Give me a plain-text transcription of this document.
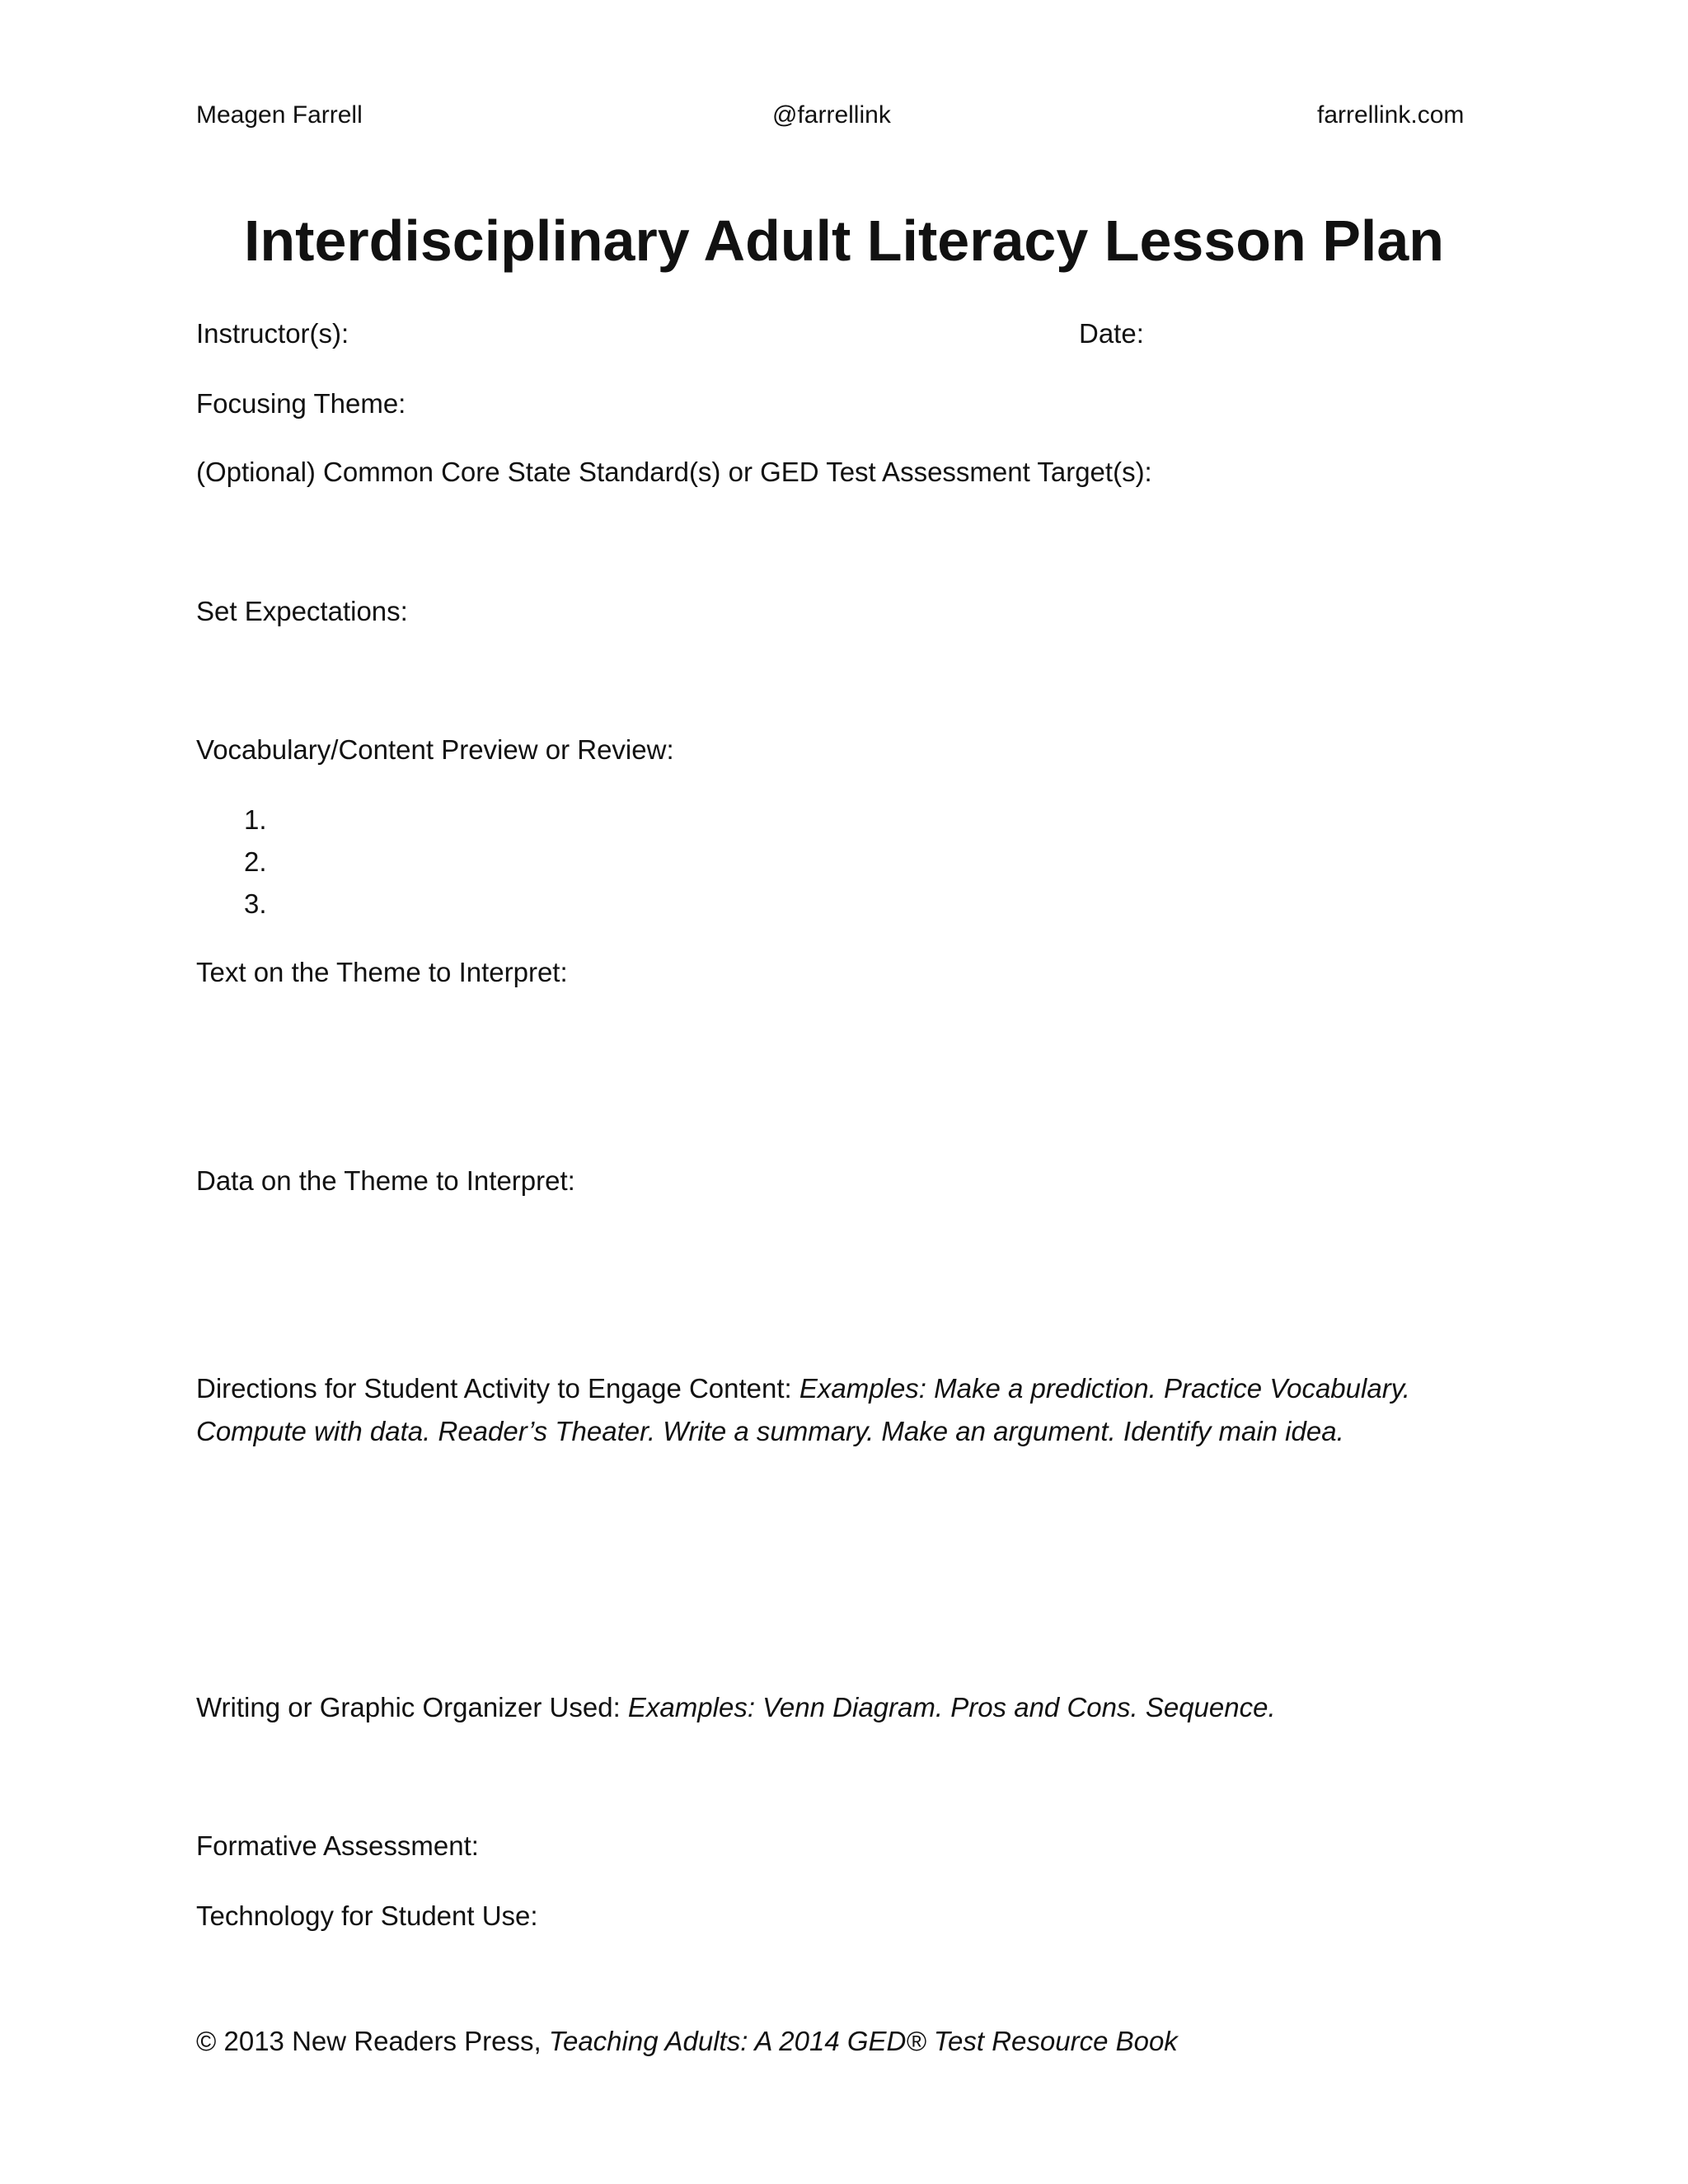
Meagen Farrell	@farrellink	farrellink.com
Interdisciplinary Adult Literacy Lesson Plan
Instructor(s):	Date:
Focusing Theme:
(Optional) Common Core State Standard(s) or GED Test Assessment Target(s):
Set Expectations:
Vocabulary/Content Preview or Review:
1.
2.
3.
Text on the Theme to Interpret:
Data on the Theme to Interpret:
Directions for Student Activity to Engage Content: Examples: Make a prediction. Practice Vocabulary.
Compute with data. Reader’s Theater. Write a summary. Make an argument. Identify main idea.
Writing or Graphic Organizer Used: Examples: Venn Diagram. Pros and Cons. Sequence.
Formative Assessment:
Technology for Student Use:
© 2013 New Readers Press, Teaching Adults: A 2014 GED® Test Resource Book
